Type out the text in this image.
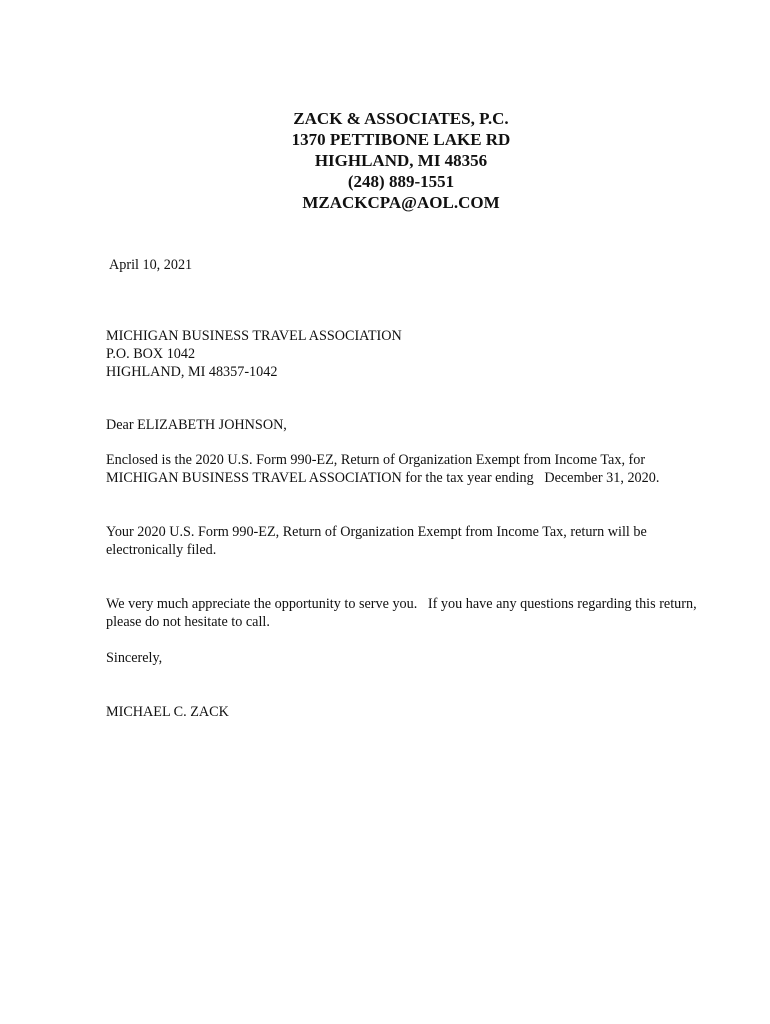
ZACK & ASSOCIATES, P.C.
1370 PETTIBONE LAKE RD
HIGHLAND, MI 48356
(248) 889-1551
MZACKCPA@AOL.COM
April 10, 2021
MICHIGAN BUSINESS TRAVEL ASSOCIATION
P.O. BOX 1042
HIGHLAND, MI 48357-1042
Dear ELIZABETH JOHNSON,
Enclosed is the 2020 U.S. Form 990-EZ, Return of Organization Exempt from Income Tax, for MICHIGAN BUSINESS TRAVEL ASSOCIATION for the tax year ending   December 31, 2020.
Your 2020 U.S. Form 990-EZ, Return of Organization Exempt from Income Tax, return will be electronically filed.
We very much appreciate the opportunity to serve you.   If you have any questions regarding this return, please do not hesitate to call.
Sincerely,
MICHAEL C. ZACK
